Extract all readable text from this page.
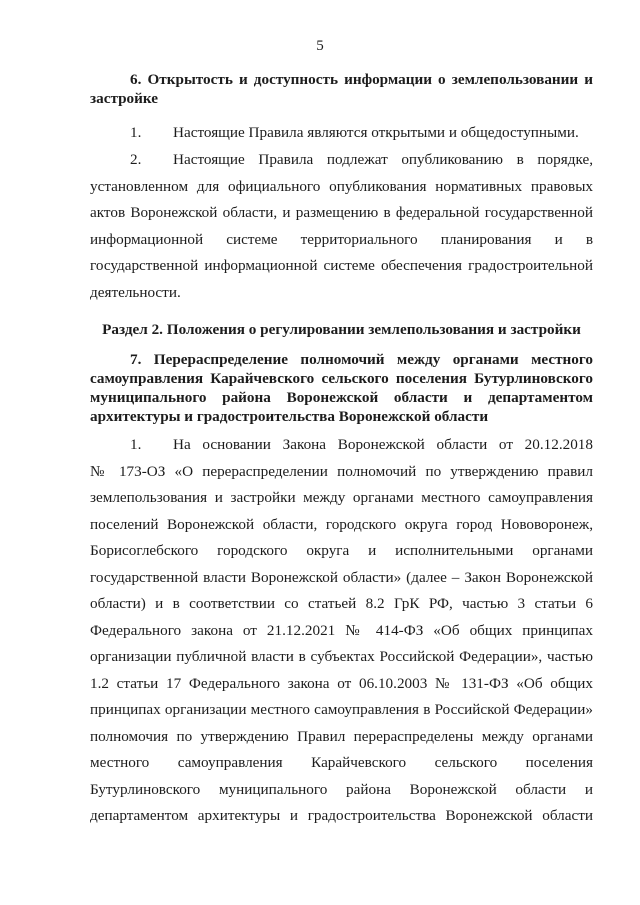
5
6. Открытость и доступность информации о землепользовании и
застройке
1. Настоящие Правила являются открытыми и общедоступными.
2. Настоящие Правила подлежат опубликованию в порядке,
установленном для официального опубликования нормативных правовых
актов Воронежской области, и размещению в федеральной государственной
информационной системе территориального планирования и в
государственной информационной системе обеспечения градостроительной
деятельности.
Раздел 2. Положения о регулировании землепользования и застройки
7. Перераспределение полномочий между органами местного
самоуправления Карайчевского сельского поселения Бутурлиновского
муниципального района Воронежской области и департаментом
архитектуры и градостроительства Воронежской области
1. На основании Закона Воронежской области от 20.12.2018
№ 173-ОЗ «О перераспределении полномочий по утверждению правил
землепользования и застройки между органами местного самоуправления
поселений Воронежской области, городского округа город Нововоронеж,
Борисоглебского городского округа и исполнительными органами
государственной власти Воронежской области» (далее – Закон Воронежской
области) и в соответствии со статьей 8.2 ГрК РФ, частью 3 статьи 6
Федерального закона от 21.12.2021 № 414-ФЗ «Об общих принципах
организации публичной власти в субъектах Российской Федерации», частью
1.2 статьи 17 Федерального закона от 06.10.2003 № 131-ФЗ «Об общих
принципах организации местного самоуправления в Российской Федерации»
полномочия по утверждению Правил перераспределены между органами
местного самоуправления Карайчевского сельского поселения
Бутурлиновского муниципального района Воронежской области и
департаментом архитектуры и градостроительства Воронежской области
